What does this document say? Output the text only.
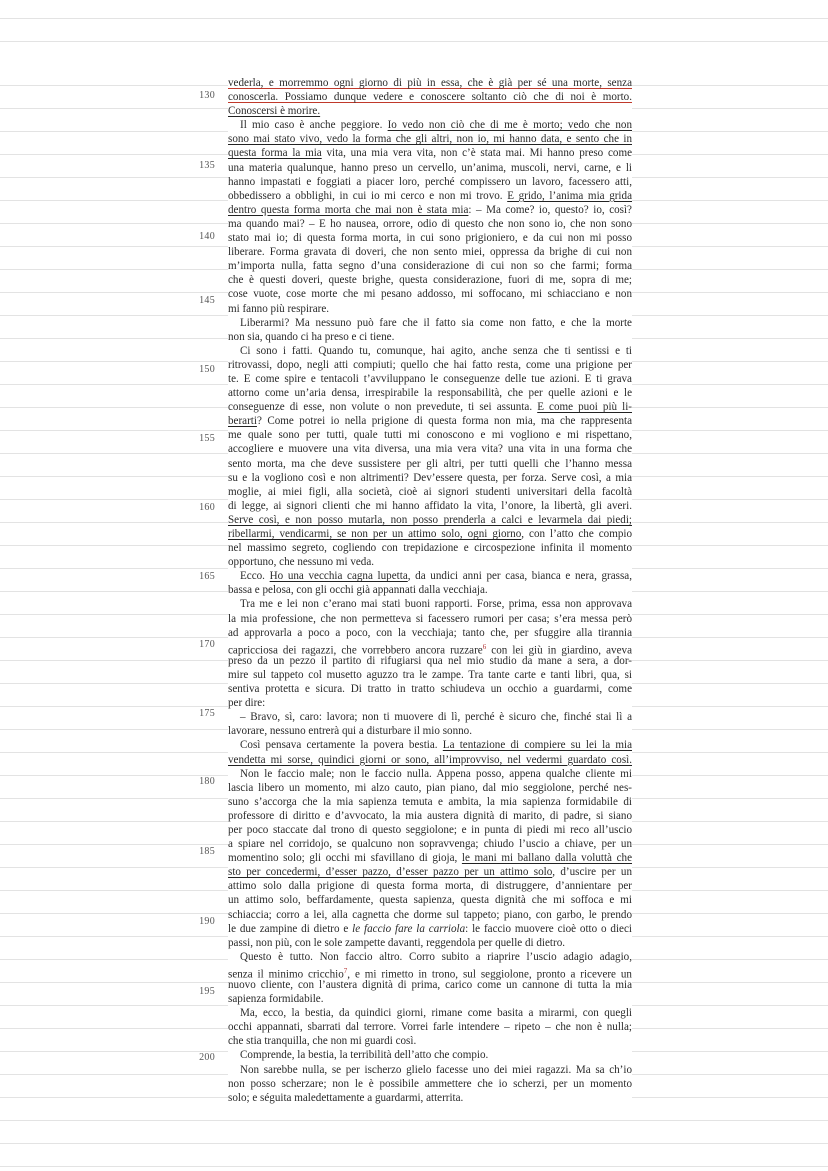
130
135
140
145
150
155
160
165
170
175
180
185
190
195
200
vederla, e morremmo ogni giorno di più in essa, che è già per sé una morte, senza
conoscerla. Possiamo dunque vedere e conoscere soltanto ciò che di noi è morto.
Conoscersi è morire.
Il mio caso è anche peggiore. Io vedo non ciò che di me è morto; vedo che non
sono mai stato vivo, vedo la forma che gli altri, non io, mi hanno data, e sento che in
questa forma la mia vita, una mia vera vita, non c’è stata mai. Mi hanno preso come
una materia qualunque, hanno preso un cervello, un’anima, muscoli, nervi, carne, e li
hanno impastati e foggiati a piacer loro, perché compissero un lavoro, facessero atti,
obbedissero a obblighi, in cui io mi cerco e non mi trovo. E grido, l’anima mia grida
dentro questa forma morta che mai non è stata mia: – Ma come? io, questo? io, così?
ma quando mai? – E ho nausea, orrore, odio di questo che non sono io, che non sono
stato mai io; di questa forma morta, in cui sono prigioniero, e da cui non mi posso
liberare. Forma gravata di doveri, che non sento miei, oppressa da brighe di cui non
m’importa nulla, fatta segno d’una considerazione di cui non so che farmi; forma
che è questi doveri, queste brighe, questa considerazione, fuori di me, sopra di me;
cose vuote, cose morte che mi pesano addosso, mi soffocano, mi schiacciano e non
mi fanno più respirare.
Liberarmi? Ma nessuno può fare che il fatto sia come non fatto, e che la morte
non sia, quando ci ha preso e ci tiene.
Ci sono i fatti. Quando tu, comunque, hai agito, anche senza che ti sentissi e ti
ritrovassi, dopo, negli atti compiuti; quello che hai fatto resta, come una prigione per
te. E come spire e tentacoli t’avviluppano le conseguenze delle tue azioni. E ti grava
attorno come un’aria densa, irrespirabile la responsabilità, che per quelle azioni e le
conseguenze di esse, non volute o non prevedute, ti sei assunta. E come puoi più li-
berarti? Come potrei io nella prigione di questa forma non mia, ma che rappresenta
me quale sono per tutti, quale tutti mi conoscono e mi vogliono e mi rispettano,
accogliere e muovere una vita diversa, una mia vera vita? una vita in una forma che
sento morta, ma che deve sussistere per gli altri, per tutti quelli che l’hanno messa
su e la vogliono così e non altrimenti? Dev’essere questa, per forza. Serve così, a mia
moglie, ai miei figli, alla società, cioè ai signori studenti universitari della facoltà
di legge, ai signori clienti che mi hanno affidato la vita, l’onore, la libertà, gli averi.
Serve così, e non posso mutarla, non posso prenderla a calci e levarmela dai piedi;
ribellarmi, vendicarmi, se non per un attimo solo, ogni giorno, con l’atto che compio
nel massimo segreto, cogliendo con trepidazione e circospezione infinita il momento
opportuno, che nessuno mi veda.
Ecco. Ho una vecchia cagna lupetta, da undici anni per casa, bianca e nera, grassa,
bassa e pelosa, con gli occhi già appannati dalla vecchiaja.
Tra me e lei non c’erano mai stati buoni rapporti. Forse, prima, essa non approvava
la mia professione, che non permetteva si facessero rumori per casa; s’era messa però
ad approvarla a poco a poco, con la vecchiaja; tanto che, per sfuggire alla tirannia
capricciosa dei ragazzi, che vorrebbero ancora ruzzare$^6$ con lei giù in giardino, aveva
preso da un pezzo il partito di rifugiarsi qua nel mio studio da mane a sera, a dor-
mire sul tappeto col musetto aguzzo tra le zampe. Tra tante carte e tanti libri, qua, si
sentiva protetta e sicura. Di tratto in tratto schiudeva un occhio a guardarmi, come
per dire:
– Bravo, sì, caro: lavora; non ti muovere di lì, perché è sicuro che, finché stai lì a
lavorare, nessuno entrerà qui a disturbare il mio sonno.
Così pensava certamente la povera bestia. La tentazione di compiere su lei la mia
vendetta mi sorse, quindici giorni or sono, all’improvviso, nel vedermi guardato così.
Non le faccio male; non le faccio nulla. Appena posso, appena qualche cliente mi
lascia libero un momento, mi alzo cauto, pian piano, dal mio seggiolone, perché nes-
suno s’accorga che la mia sapienza temuta e ambita, la mia sapienza formidabile di
professore di diritto e d’avvocato, la mia austera dignità di marito, di padre, si siano
per poco staccate dal trono di questo seggiolone; e in punta di piedi mi reco all’uscio
a spiare nel corridojo, se qualcuno non sopravvenga; chiudo l’uscio a chiave, per un
momentino solo; gli occhi mi sfavillano di gioja, le mani mi ballano dalla voluttà che
sto per concedermi, d’esser pazzo, d’esser pazzo per un attimo solo, d’uscire per un
attimo solo dalla prigione di questa forma morta, di distruggere, d’annientare per
un attimo solo, beffardamente, questa sapienza, questa dignità che mi soffoca e mi
schiaccia; corro a lei, alla cagnetta che dorme sul tappeto; piano, con garbo, le prendo
le due zampine di dietro e le faccio fare la carriola: le faccio muovere cioè otto o dieci
passi, non più, con le sole zampette davanti, reggendola per quelle di dietro.
Questo è tutto. Non faccio altro. Corro subito a riaprire l’uscio adagio adagio,
senza il minimo cricchio$^7$, e mi rimetto in trono, sul seggiolone, pronto a ricevere un
nuovo cliente, con l’austera dignità di prima, carico come un cannone di tutta la mia
sapienza formidabile.
Ma, ecco, la bestia, da quindici giorni, rimane come basita a mirarmi, con quegli
occhi appannati, sbarrati dal terrore. Vorrei farle intendere – ripeto – che non è nulla;
che stia tranquilla, che non mi guardi così.
Comprende, la bestia, la terribilità dell’atto che compio.
Non sarebbe nulla, se per ischerzo glielo facesse uno dei miei ragazzi. Ma sa ch’io
non posso scherzare; non le è possibile ammettere che io scherzi, per un momento
solo; e séguita maledettamente a guardarmi, atterrita.
